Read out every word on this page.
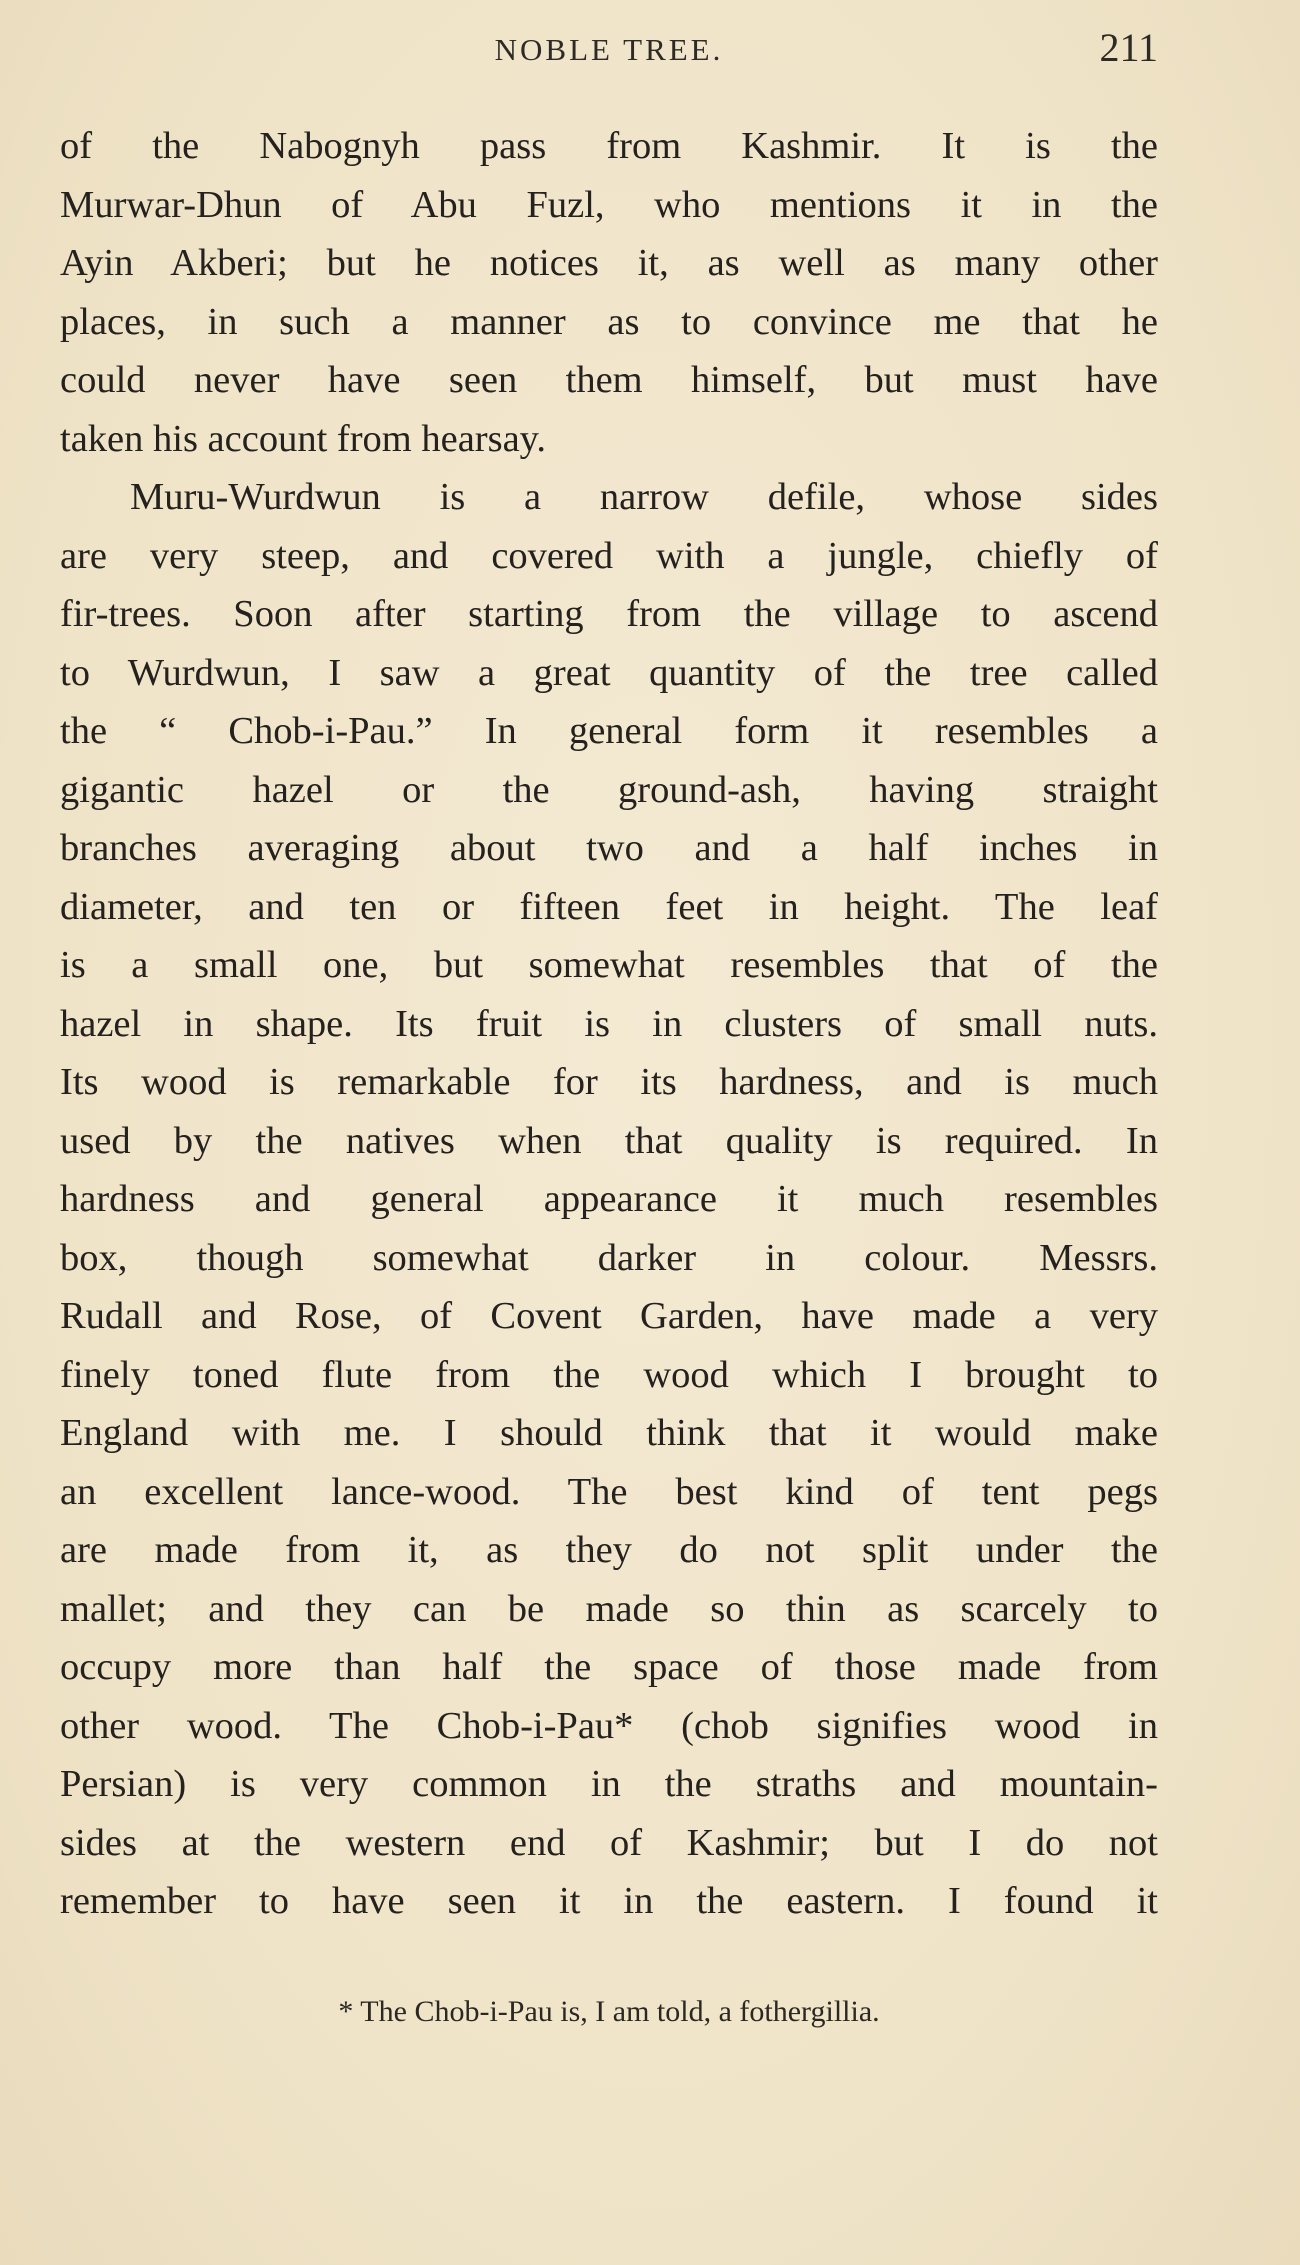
NOBLE TREE.	211
of the Nabognyh pass from Kashmir. It is the
Murwar-Dhun of Abu Fuzl, who mentions it in the
Ayin Akberi; but he notices it, as well as many other
places, in such a manner as to convince me that he
could never have seen them himself, but must have
taken his account from hearsay.
Muru-Wurdwun is a narrow defile, whose sides
are very steep, and covered with a jungle, chiefly of
fir-trees. Soon after starting from the village to ascend
to Wurdwun, I saw a great quantity of the tree called
the “ Chob-i-Pau.” In general form it resembles a
gigantic hazel or the ground-ash, having straight
branches averaging about two and a half inches in
diameter, and ten or fifteen feet in height. The leaf
is a small one, but somewhat resembles that of the
hazel in shape. Its fruit is in clusters of small nuts.
Its wood is remarkable for its hardness, and is much
used by the natives when that quality is required. In
hardness and general appearance it much resembles
box, though somewhat darker in colour. Messrs.
Rudall and Rose, of Covent Garden, have made a very
finely toned flute from the wood which I brought to
England with me. I should think that it would make
an excellent lance-wood. The best kind of tent pegs
are made from it, as they do not split under the
mallet; and they can be made so thin as scarcely to
occupy more than half the space of those made from
other wood. The Chob-i-Pau* (chob signifies wood in
Persian) is very common in the straths and mountain-
sides at the western end of Kashmir; but I do not
remember to have seen it in the eastern. I found it
* The Chob-i-Pau is, I am told, a fothergillia.
